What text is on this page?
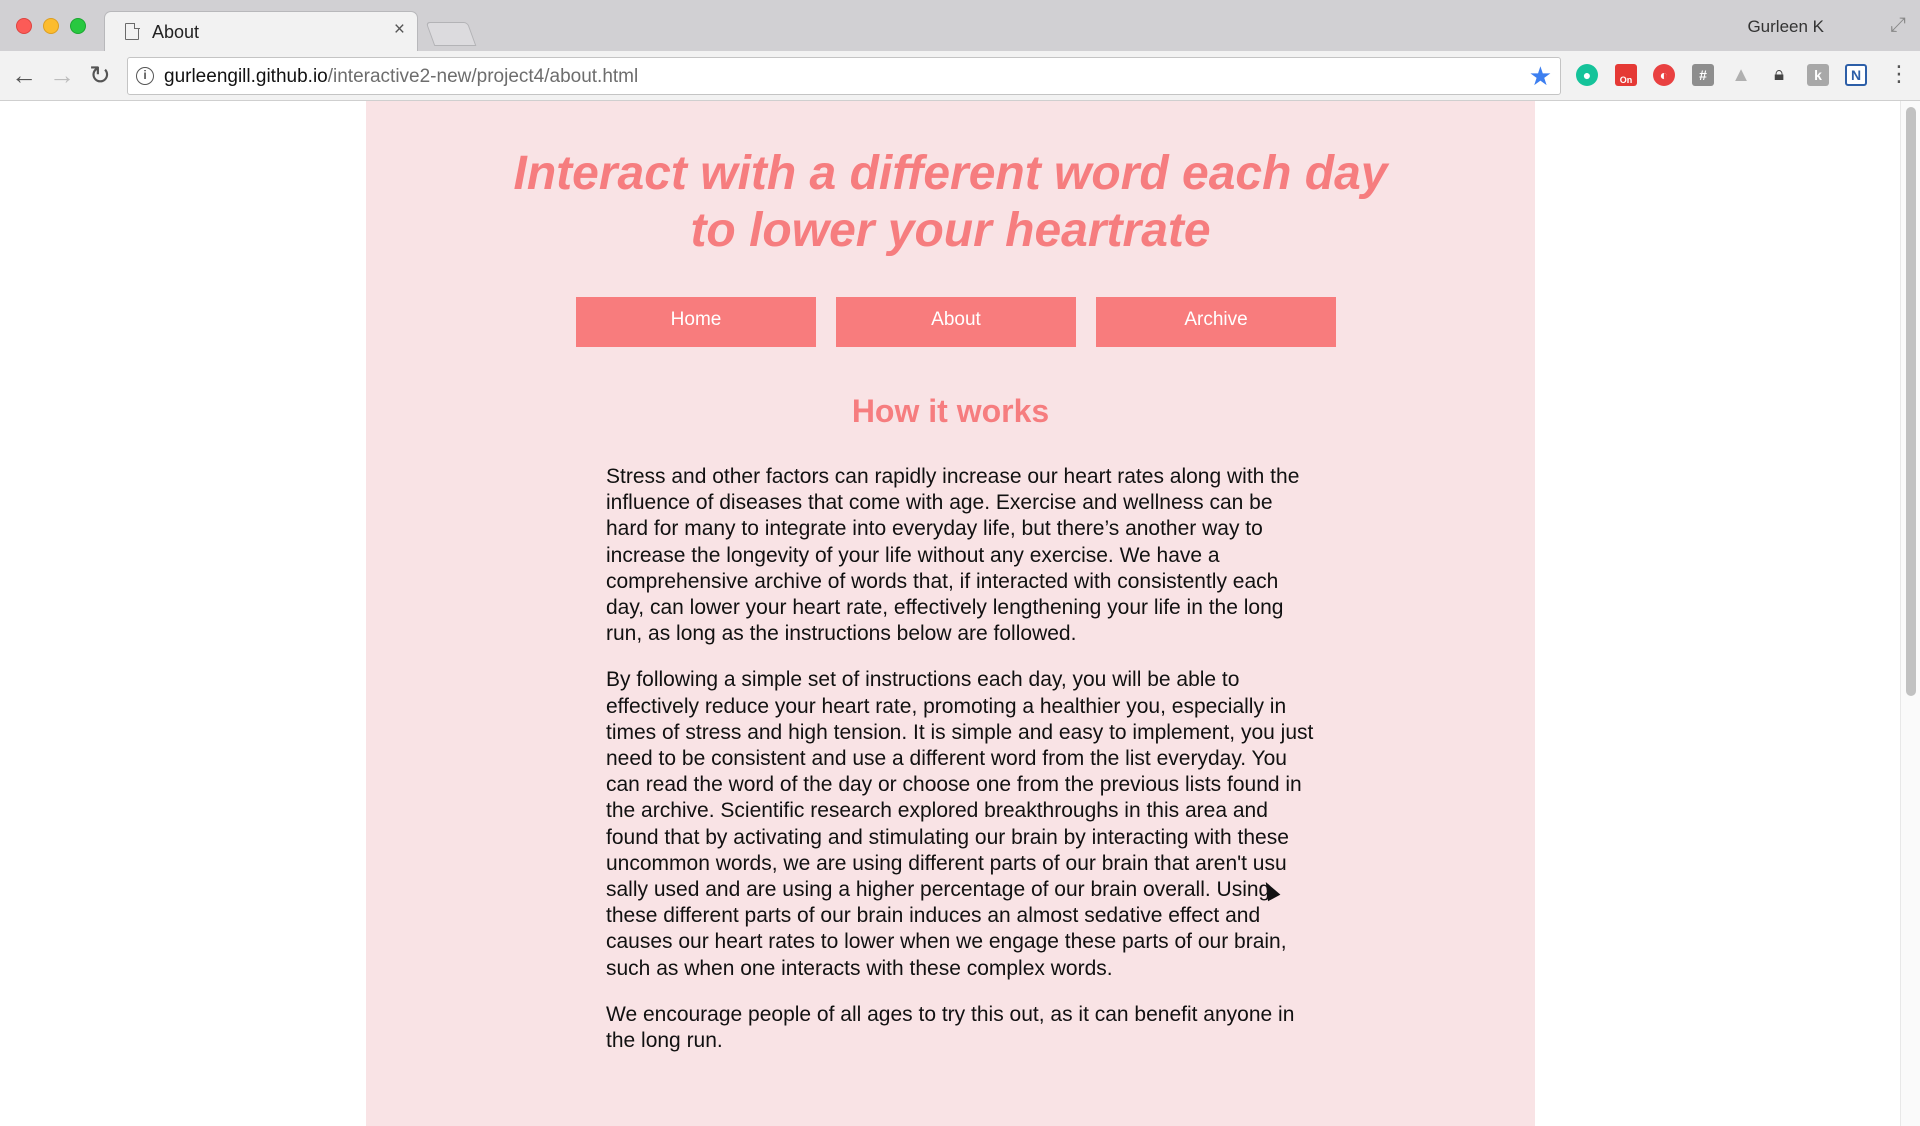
About	×	Gurleen K	⤢
← → ↻	i gurleengill.github.io/interactive2-new/project4/about.html	★	●	On	◐	#	▲	🔒︎	k	N ⋮
Interact with a different word each day
to lower your heartrate
Home	About	Archive
How it works

Stress and other factors can rapidly increase our heart rates along with the influence of diseases that come with age. Exercise and wellness can be hard for many to integrate into everyday life, but there’s another way to increase the longevity of your life without any exercise. We have a comprehensive archive of words that, if interacted with consistently each day, can lower your heart rate, effectively lengthening your life in the long run, as long as the instructions below are followed.

By following a simple set of instructions each day, you will be able to effectively reduce your heart rate, promoting a healthier you, especially in times of stress and high tension. It is simple and easy to implement, you just need to be consistent and use a different word from the list everyday. You can read the word of the day or choose one from the previous lists found in the archive. Scientific research explored breakthroughs in this area and found that by activating and stimulating our brain by interacting with these uncommon words, we are using different parts of our brain that aren't usu sally used and are using a higher percentage of our brain overall. Using these different parts of our brain induces an almost sedative effect and causes our heart rates to lower when we engage these parts of our brain, such as when one interacts with these complex words.

We encourage people of all ages to try this out, as it can benefit anyone in the long run.
